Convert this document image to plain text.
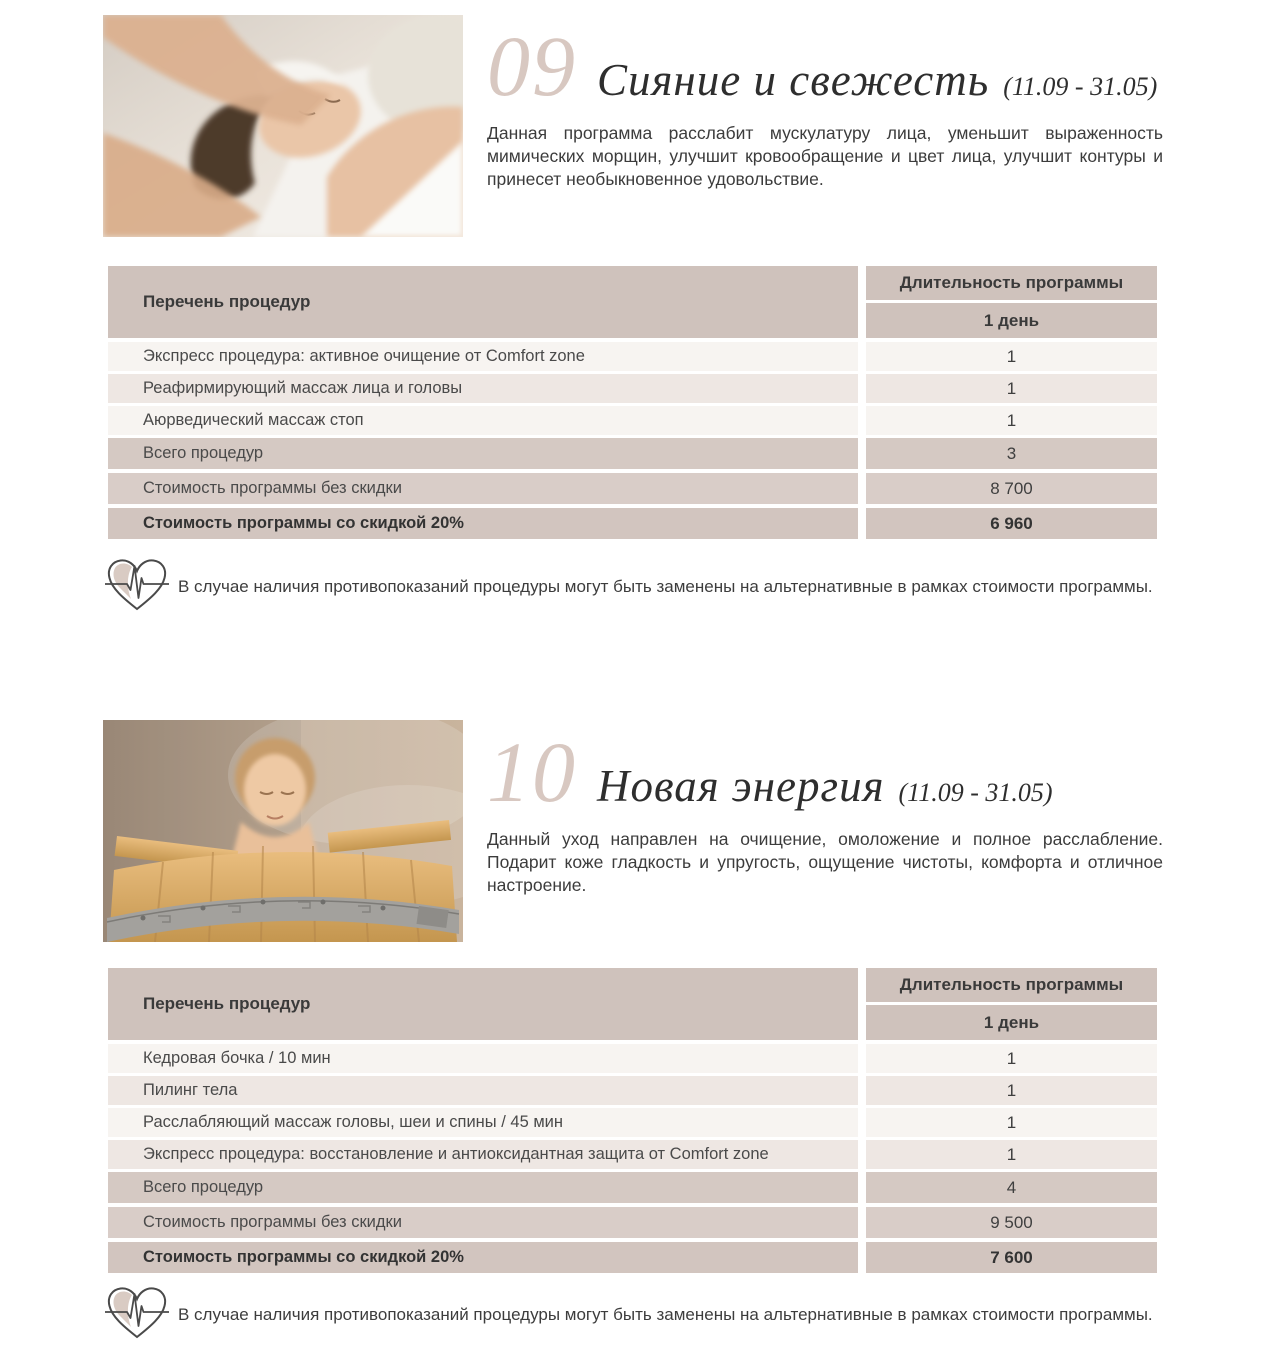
09 Сияние и свежесть (11.09 - 31.05)

Данная программа расслабит мускулатуру лица, уменьшит выраженность мимических морщин, улучшит кровообращение и цвет лица, улучшит контуры и принесет необыкновенное удовольствие.

Перечень процедур
Длительность программы
1 день
Экспресс процедура: активное очищение от Comfort zone	1
Реафирмирующий массаж лица и головы	1
Аюрведический массаж стоп	1
Всего процедур	3
Стоимость программы без скидки	8 700
Стоимость программы со скидкой 20%	6 960
В случае наличия противопоказаний процедуры могут быть заменены на альтернативные в рамках стоимости программы.
10 Новая энергия (11.09 - 31.05)

Данный уход направлен на очищение, омоложение и полное расслабление. Подарит коже гладкость и упругость, ощущение чистоты, комфорта и отличное настроение.

Перечень процедур
Длительность программы
1 день
Кедровая бочка / 10 мин	1
Пилинг тела	1
Расслабляющий массаж головы, шеи и спины / 45 мин	1
Экспресс процедура: восстановление и антиоксидантная защита от Comfort zone	1
Всего процедур	4
Стоимость программы без скидки	9 500
Стоимость программы со скидкой 20%	7 600
В случае наличия противопоказаний процедуры могут быть заменены на альтернативные в рамках стоимости программы.
